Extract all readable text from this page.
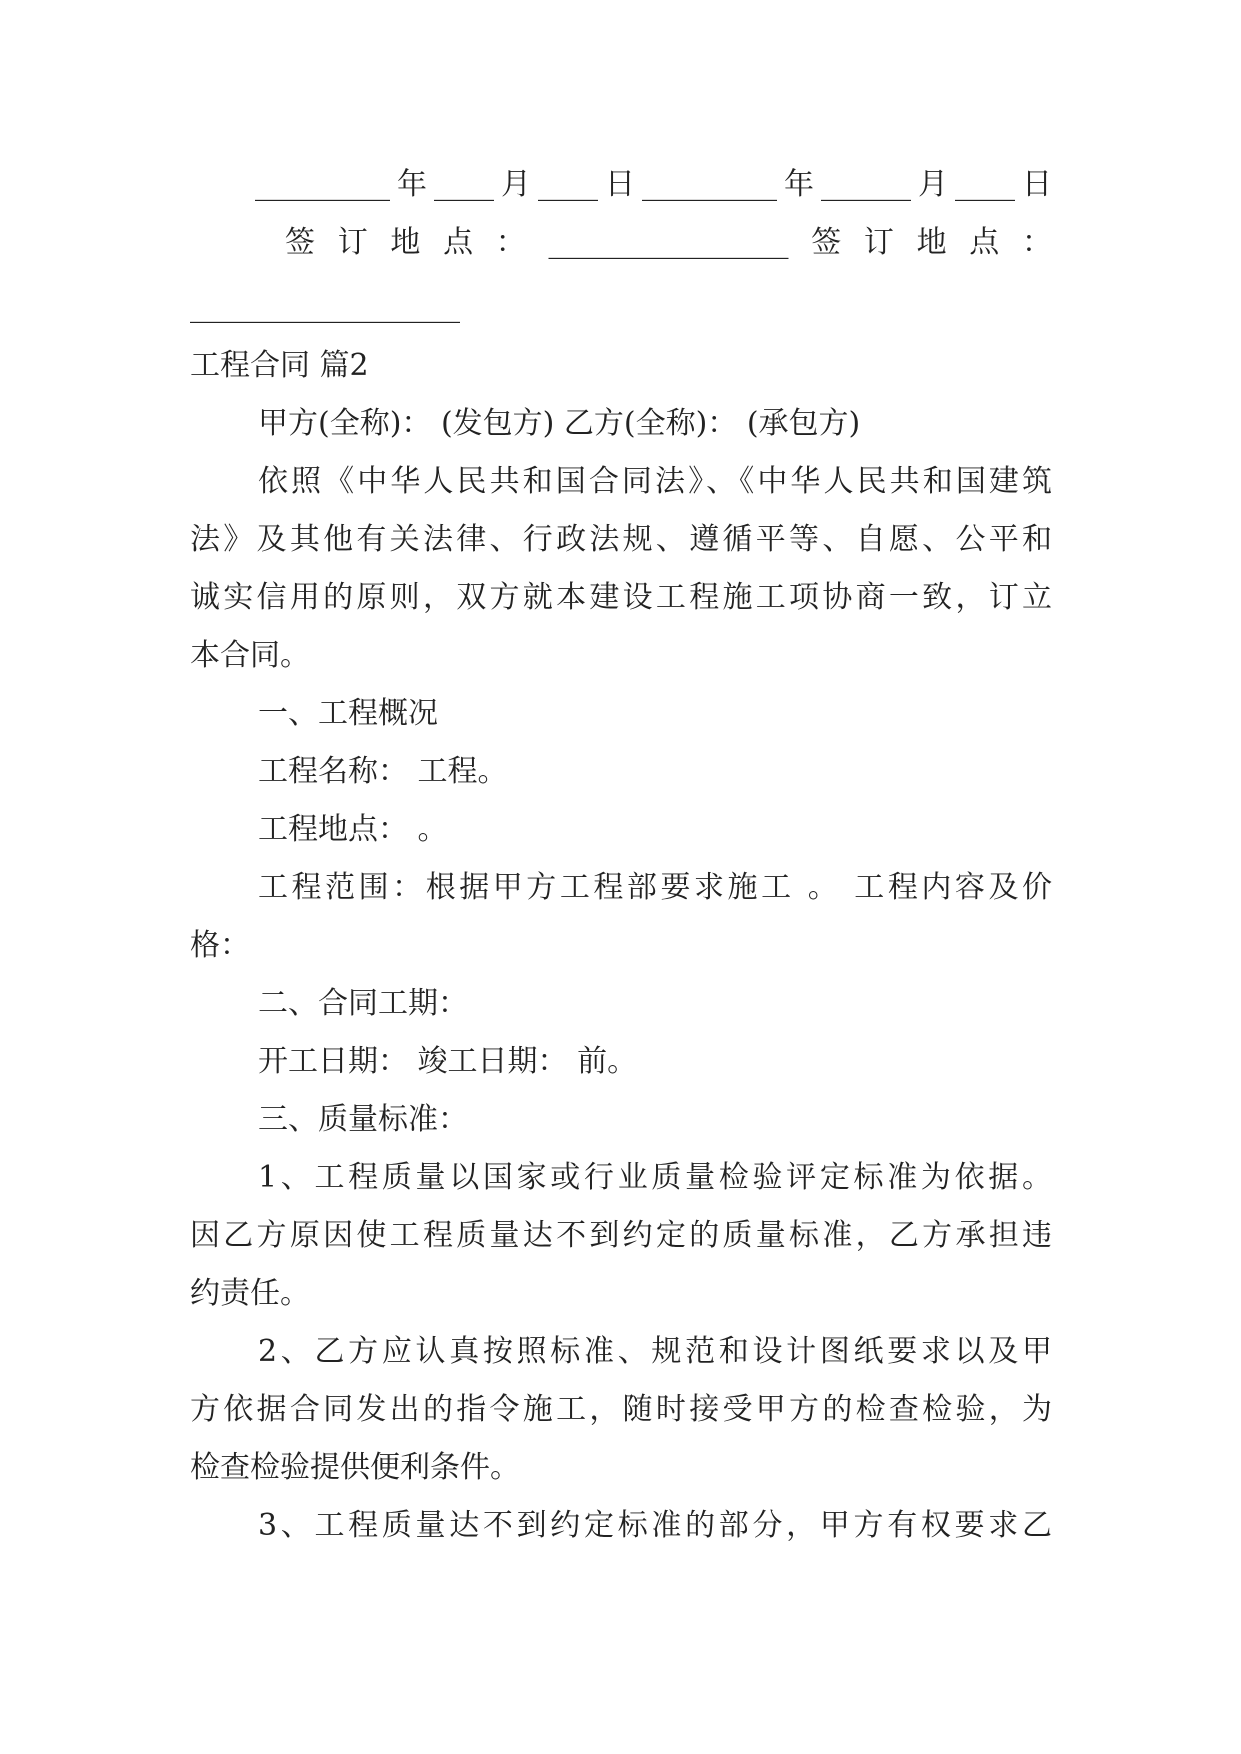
_________年____月____日_________年______月____日
签订地点：________________签订地点：
__________________
工程合同 篇2
甲方(全称)： (发包方) 乙方(全称)： (承包方)
依照《中华人民共和国合同法》、《中华人民共和国建筑
法》及其他有关法律、行政法规、遵循平等、自愿、公平和
诚实信用的原则，双方就本建设工程施工项协商一致，订立
本合同。
一、工程概况
工程名称： 工程。
工程地点： 。
工程范围：根据甲方工程部要求施工 。 工程内容及价
格：
二、合同工期：
开工日期： 竣工日期： 前。
三、质量标准：
1、工程质量以国家或行业质量检验评定标准为依据。
因乙方原因使工程质量达不到约定的质量标准，乙方承担违
约责任。
2、乙方应认真按照标准、规范和设计图纸要求以及甲
方依据合同发出的指令施工，随时接受甲方的检查检验，为
检查检验提供便利条件。
3、工程质量达不到约定标准的部分，甲方有权要求乙
